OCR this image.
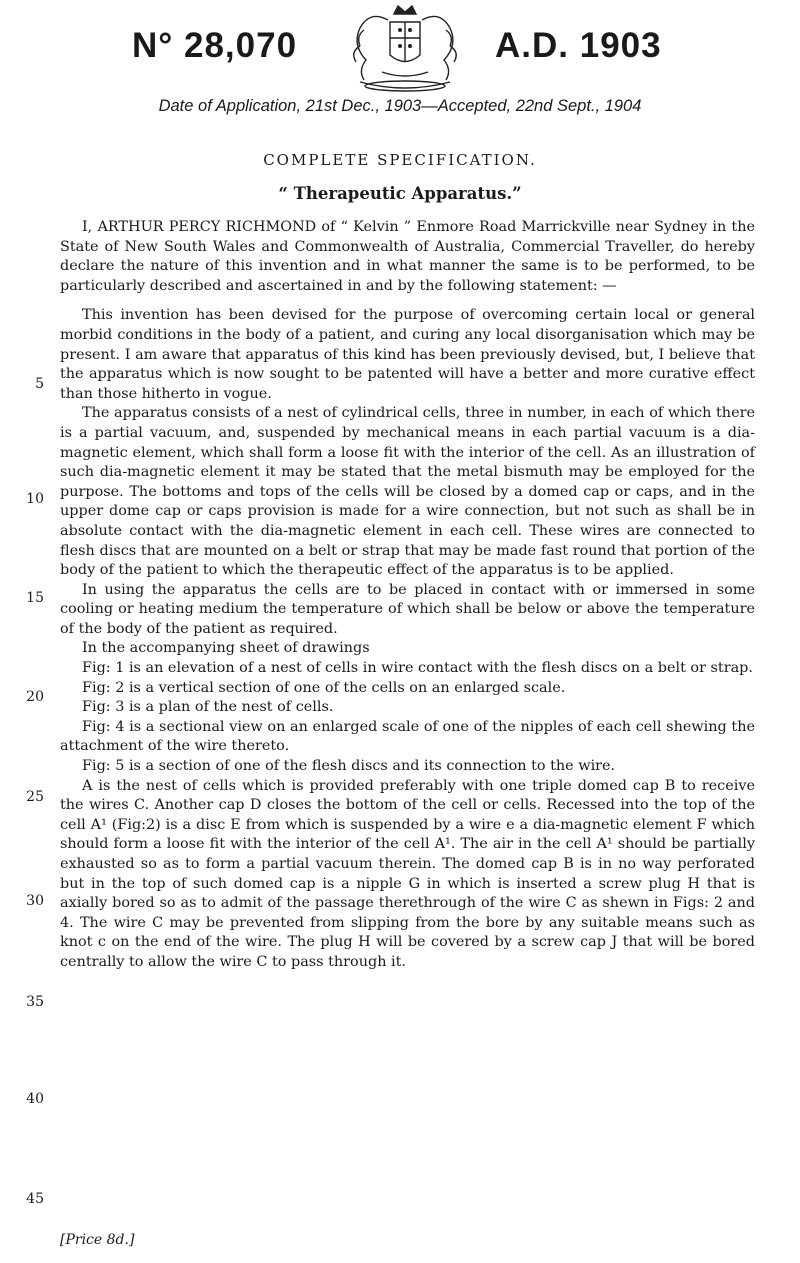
N° 28,070	A.D. 1903
Date of Application, 21st Dec., 1903—Accepted, 22nd Sept., 1904
COMPLETE SPECIFICATION.
“ Therapeutic Apparatus.”
5
10
15
20
25
30
35
40
45

I, ARTHUR PERCY RICHMOND of “ Kelvin ” Enmore Road Marrickville near Sydney in the State of New South Wales and Commonwealth of Australia, Commercial Traveller, do hereby declare the nature of this invention and in what manner the same is to be performed, to be particularly described and ascertained in and by the following statement: —

This invention has been devised for the purpose of overcoming certain local or general morbid conditions in the body of a patient, and curing any local disorganisation which may be present. I am aware that apparatus of this kind has been previously devised, but, I believe that the apparatus which is now sought to be patented will have a better and more curative effect than those hitherto in vogue.

The apparatus consists of a nest of cylindrical cells, three in number, in each of which there is a partial vacuum, and, suspended by mechanical means in each partial vacuum is a dia-magnetic element, which shall form a loose fit with the interior of the cell. As an illustration of such dia-magnetic element it may be stated that the metal bismuth may be employed for the purpose. The bottoms and tops of the cells will be closed by a domed cap or caps, and in the upper dome cap or caps provision is made for a wire connection, but not such as shall be in absolute contact with the dia-magnetic element in each cell. These wires are connected to flesh discs that are mounted on a belt or strap that may be made fast round that portion of the body of the patient to which the therapeutic effect of the apparatus is to be applied.

In using the apparatus the cells are to be placed in contact with or immersed in some cooling or heating medium the temperature of which shall be below or above the temperature of the body of the patient as required.

In the accompanying sheet of drawings

Fig: 1 is an elevation of a nest of cells in wire contact with the flesh discs on a belt or strap.

Fig: 2 is a vertical section of one of the cells on an enlarged scale.

Fig: 3 is a plan of the nest of cells.

Fig: 4 is a sectional view on an enlarged scale of one of the nipples of each cell shewing the attachment of the wire thereto.

Fig: 5 is a section of one of the flesh discs and its connection to the wire.

A is the nest of cells which is provided preferably with one triple domed cap B to receive the wires C. Another cap D closes the bottom of the cell or cells. Recessed into the top of the cell A¹ (Fig:2) is a disc E from which is suspended by a wire e a dia-magnetic element F which should form a loose fit with the interior of the cell A¹. The air in the cell A¹ should be partially exhausted so as to form a partial vacuum therein. The domed cap B is in no way perforated but in the top of such domed cap is a nipple G in which is inserted a screw plug H that is axially bored so as to admit of the passage therethrough of the wire C as shewn in Figs: 2 and 4. The wire C may be prevented from slipping from the bore by any suitable means such as knot c on the end of the wire. The plug H will be covered by a screw cap J that will be bored centrally to allow the wire C to pass through it.

[Price 8d.]
